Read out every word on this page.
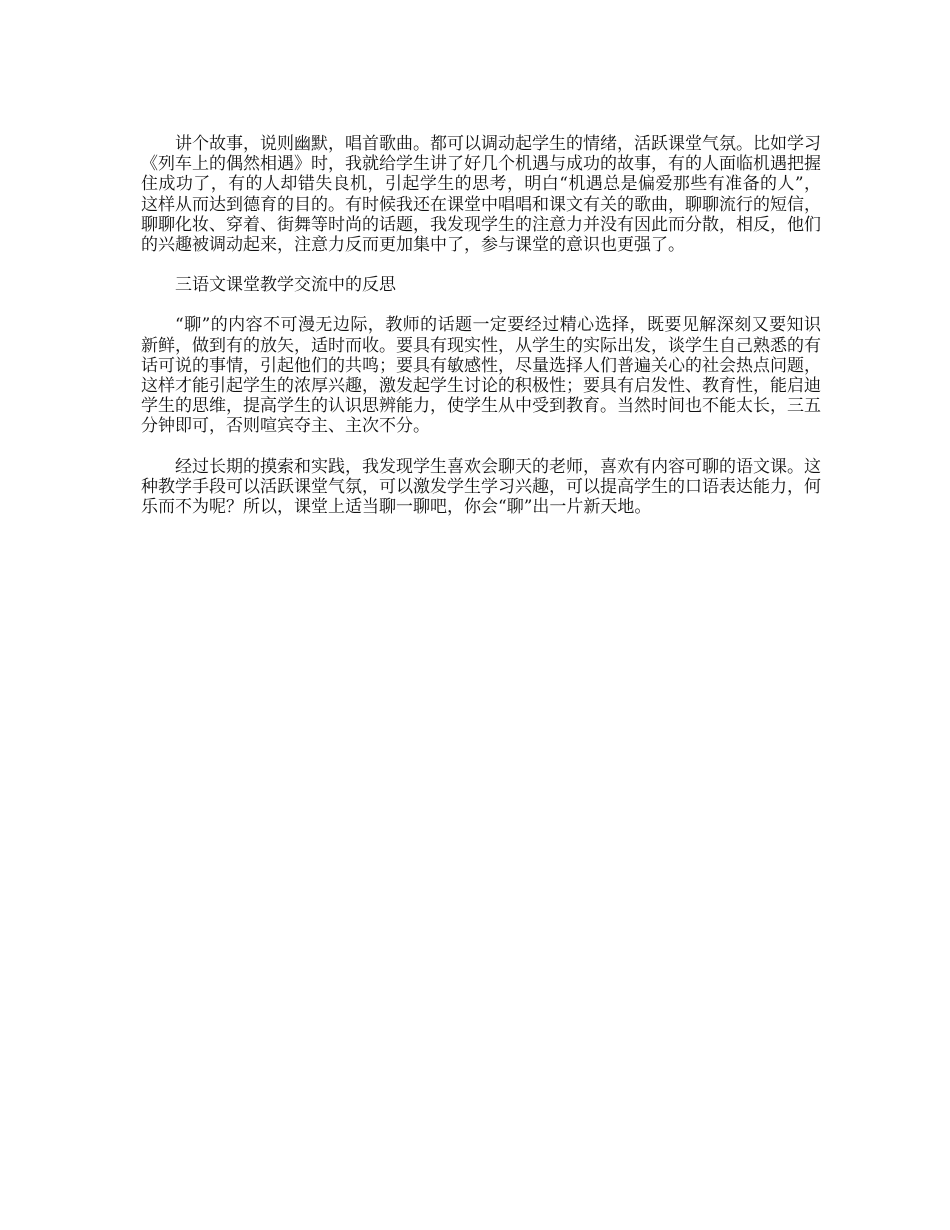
讲个故事，说则幽默，唱首歌曲。都可以调动起学生的情绪，活跃课堂气氛。比如学习《列车上的偶然相遇》时，我就给学生讲了好几个机遇与成功的故事，有的人面临机遇把握住成功了，有的人却错失良机，引起学生的思考，明白“机遇总是偏爱那些有准备的人”，这样从而达到德育的目的。有时候我还在课堂中唱唱和课文有关的歌曲，聊聊流行的短信，聊聊化妆、穿着、街舞等时尚的话题，我发现学生的注意力并没有因此而分散，相反，他们的兴趣被调动起来，注意力反而更加集中了，参与课堂的意识也更强了。

三语文课堂教学交流中的反思

“聊”的内容不可漫无边际，教师的话题一定要经过精心选择，既要见解深刻又要知识新鲜，做到有的放矢，适时而收。要具有现实性，从学生的实际出发，谈学生自己熟悉的有话可说的事情，引起他们的共鸣；要具有敏感性，尽量选择人们普遍关心的社会热点问题，这样才能引起学生的浓厚兴趣，激发起学生讨论的积极性；要具有启发性、教育性，能启迪学生的思维，提高学生的认识思辨能力，使学生从中受到教育。当然时间也不能太长，三五分钟即可，否则喧宾夺主、主次不分。

经过长期的摸索和实践，我发现学生喜欢会聊天的老师，喜欢有内容可聊的语文课。这种教学手段可以活跃课堂气氛，可以激发学生学习兴趣，可以提高学生的口语表达能力，何乐而不为呢？所以，课堂上适当聊一聊吧，你会“聊”出一片新天地。
